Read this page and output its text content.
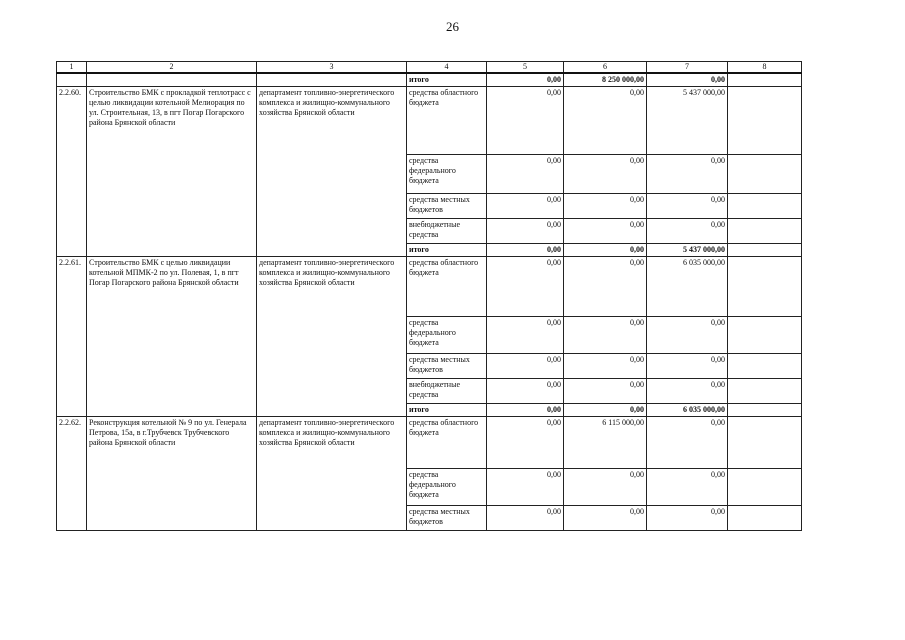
26
1	2	3	4	5	6	7	8
			итого	0,00	8 250 000,00	0,00	
2.2.60.	Строительство БМК с прокладкой теплотрасс с целью ликвидации котельной Мелиорация по ул. Строительная, 13, в пгт Погар Погарского района Брянской области	департамент топливно-энергетического комплекса и жилищно-коммунального хозяйства Брянской области	средства областного бюджета	0,00	0,00	5 437 000,00	
			средства федерального бюджета	0,00	0,00	0,00	
			средства местных бюджетов	0,00	0,00	0,00	
			внебюджетные средства	0,00	0,00	0,00	
			итого	0,00	0,00	5 437 000,00	
2.2.61.	Строительство БМК с целью ликвидации котельной МПМК-2 по ул. Полевая, 1, в пгт Погар Погарского района Брянской области	департамент топливно-энергетического комплекса и жилищно-коммунального хозяйства Брянской области	средства областного бюджета	0,00	0,00	6 035 000,00	
			средства федерального бюджета	0,00	0,00	0,00	
			средства местных бюджетов	0,00	0,00	0,00	
			внебюджетные средства	0,00	0,00	0,00	
			итого	0,00	0,00	6 035 000,00	
2.2.62.	Реконструкция котельной № 9 по ул. Генерала Петрова, 15а, в г.Трубчевск Трубчевского района Брянской области	департамент топливно-энергетического комплекса и жилищно-коммунального хозяйства Брянской области	средства областного бюджета	0,00	6 115 000,00	0,00	
			средства федерального бюджета	0,00	0,00	0,00	
			средства местных бюджетов	0,00	0,00	0,00	
